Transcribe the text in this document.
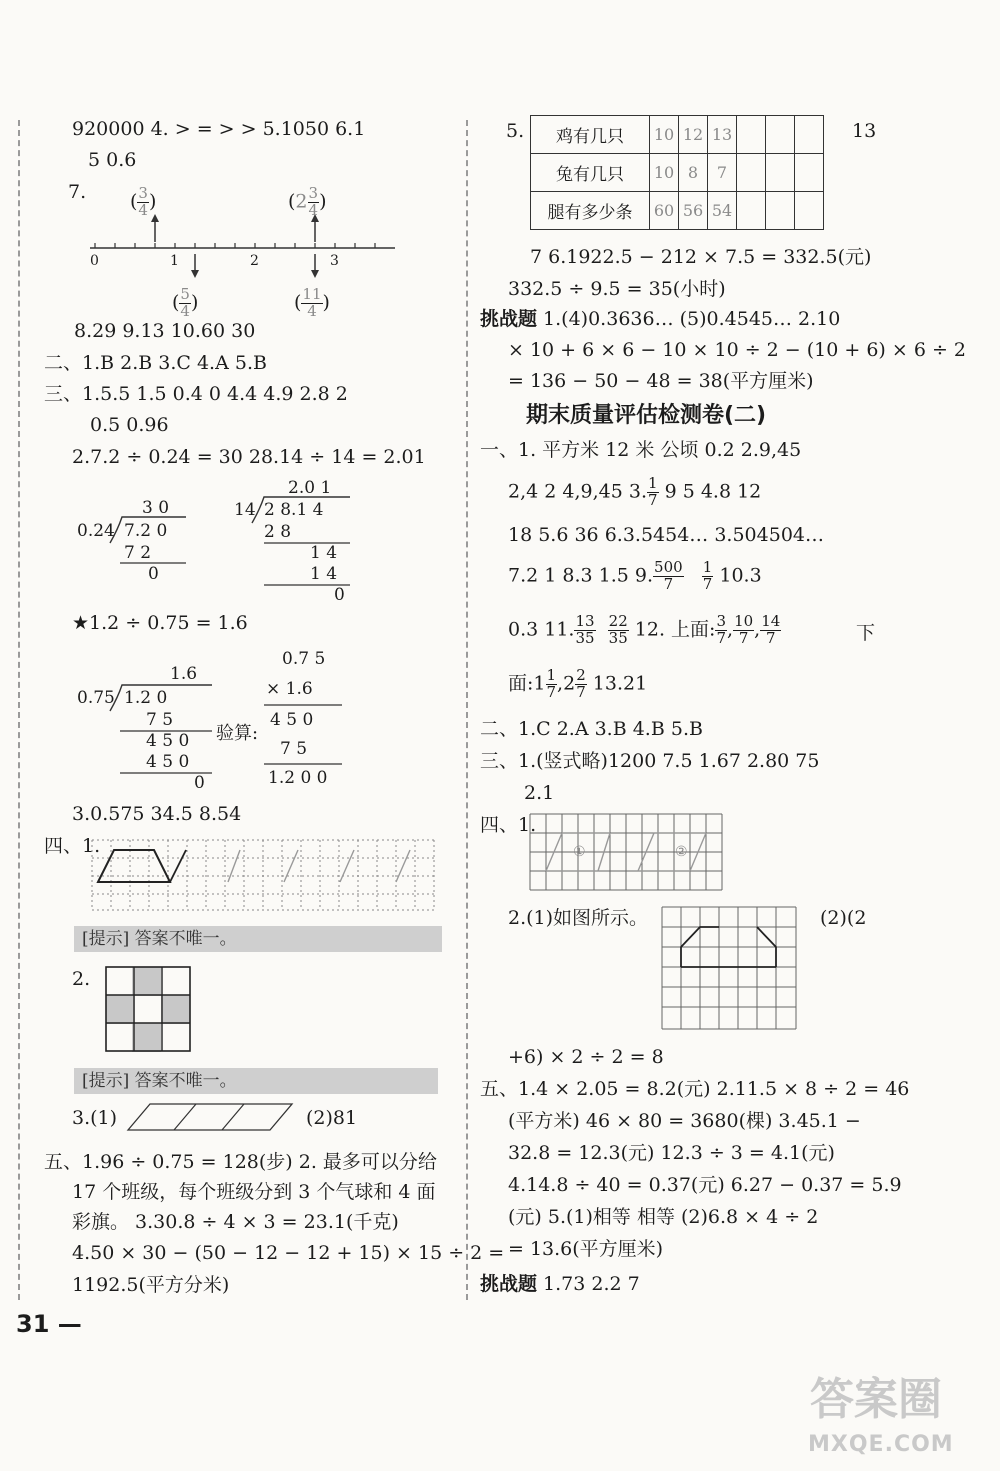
920000 4. > = > > 5.1050 6.1
5 0.6
7.
0	1	2	3
( $\frac{3}{4}$ )	($2 \frac{3}{4}$ )
( $\frac{5}{4}$ )	( $\frac{11}{4}$ )
8.29 9.13 10.60 30
二、1.B 2.B 3.C 4.A 5.B
三、1.5.5 1.5 0.4 0 4.4 4.9 2.8 2
0.5 0.96
2.7.2 ÷ 0.24 = 30 28.14 ÷ 14 = 2.01
3 0
0.24 7.2 0
7 2
0
2.0 1
14 2 8.1 4
2 8
1 4
1 4
0
★1.2 ÷ 0.75 = 1.6
1.6
0.75 1.2 0
7 5
4 5 0
4 5 0
0
0.7 5
× 1.6
4 5 0
验算:
7 5
1.2 0 0
3.0.575 34.5 8.54
四、1.
[提示] 答案不唯一。
2.
[提示] 答案不唯一。
3.(1)	(2)81
五、1.96 ÷ 0.75 = 128(步) 2. 最多可以分给
17 个班级，每个班级分到 3 个气球和 4 面
彩旗。 3.30.8 ÷ 4 × 3 = 23.1(千克)
4.50 × 30 − (50 − 12 − 12 + 15) × 15 ÷ 2 =
1192.5(平方分米)
5. 鸡有几只	10	12	13			
兔有几只	10	8	7			
腿有多少条	60	56	54			
13
7 6.1922.5 − 212 × 7.5 = 332.5(元)
332.5 ÷ 9.5 = 35(小时)
挑战题 1.(4)0.3636… (5)0.4545… 2.10
× 10 + 6 × 6 − 10 × 10 ÷ 2 − (10 + 6) × 6 ÷ 2
= 136 − 50 − 48 = 38(平方厘米)
期末质量评估检测卷(二)
一、1. 平方米 12 米 公顷 0.2 2.9,45
2,4 2 4,9,45 3. $\frac{1}{7} 9$ 5 4.8 12
18 5.6 36 6.3.5454… 3.504504…
7.2 1 8.3 1.5 9. $\frac{500}{7}$
$\frac{1}{7} 10.3$
0.3 11. $\frac{13}{35}$
$\frac{22}{35} 12$. 上面: $\frac{3}{7}$ , $\frac{10}{7}$ , $\frac{14}{7}$	下
面:1 $\frac{1}{7} ,2 \frac{2}{7} 13.21$
二、1.C 2.A 3.B 4.B 5.B
三、1.(竖式略)1200 7.5 1.67 2.80 75
2.1
四、1.
①	②
2.(1)如图所示。	(2)(2
+6) × 2 ÷ 2 = 8
五、1.4 × 2.05 = 8.2(元) 2.11.5 × 8 ÷ 2 = 46
(平方米) 46 × 80 = 3680(棵) 3.45.1 −
32.8 = 12.3(元) 12.3 ÷ 3 = 4.1(元)
4.14.8 ÷ 40 = 0.37(元) 6.27 − 0.37 = 5.9
(元) 5.(1)相等 相等 (2)6.8 × 4 ÷ 2
= 13.6(平方厘米)
挑战题 1.73 2.2 7
31 —
答案圈
MXQE.COM
